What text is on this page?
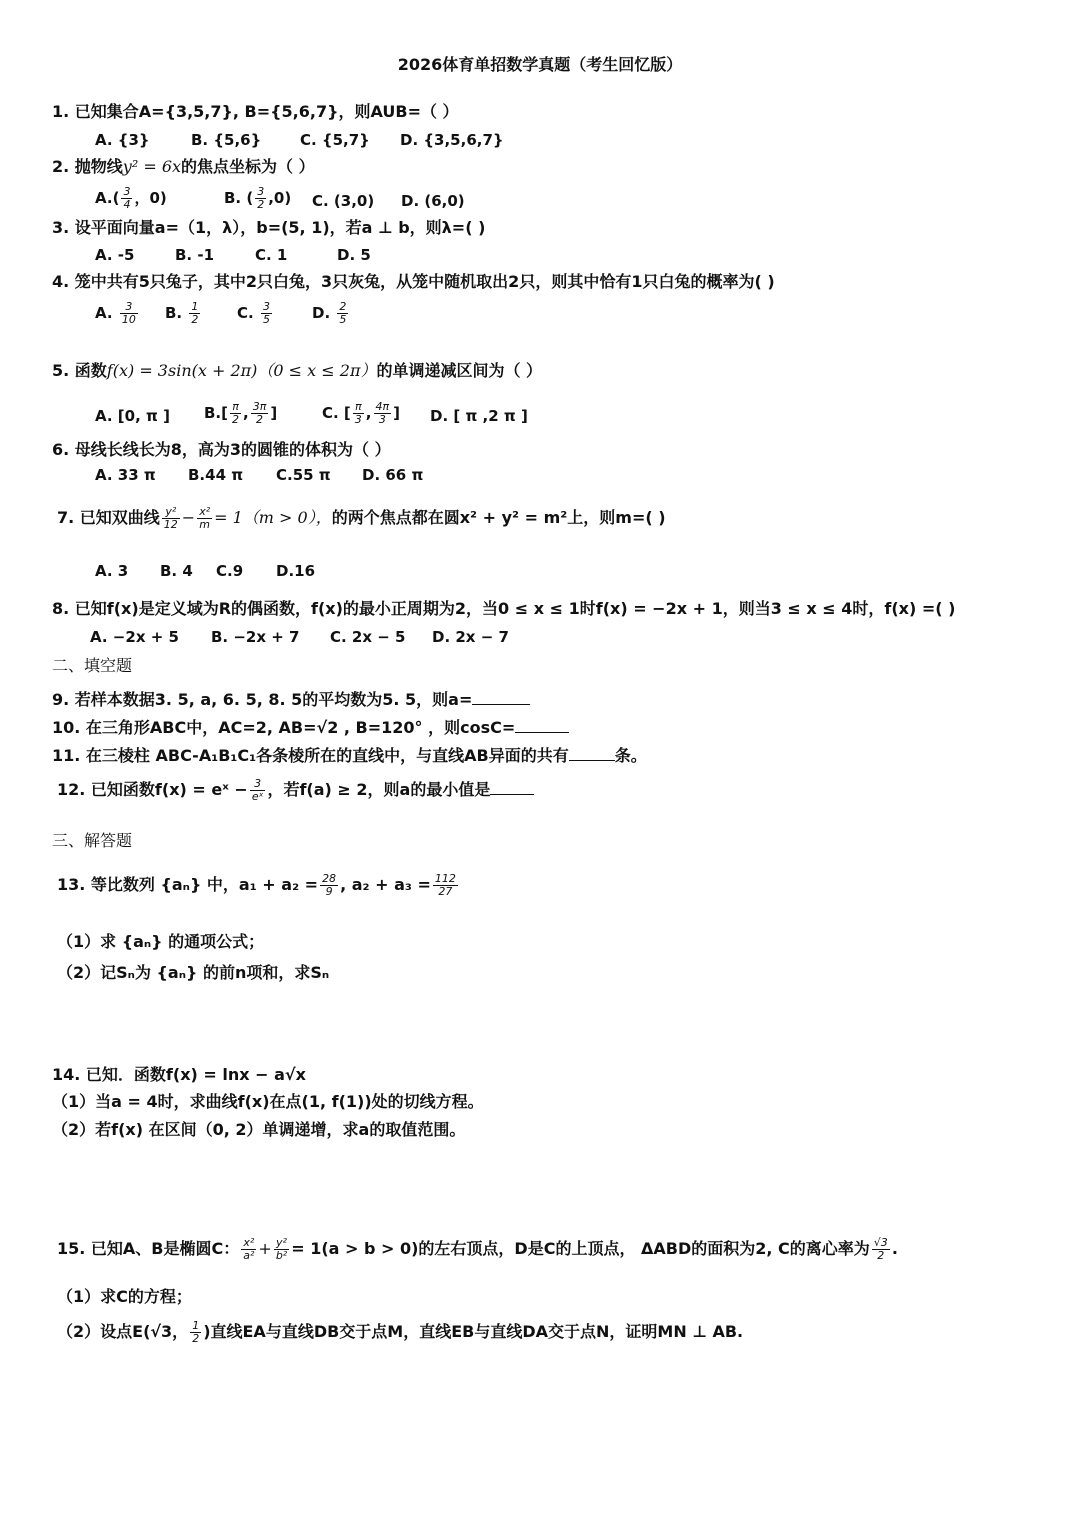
2026体育单招数学真题（考生回忆版）
1. 已知集合A={3,5,7}, B={5,6,7}，则AUB=（ ）
A. {3}	B. {5,6}	C. {5,7} D. {3,5,6,7}
2. 抛物线y² = 6x的焦点坐标为（ ）
$A.( \frac{3}{4}$ ，0)	B. ( $\frac{3}{2} ,0$) C. (3,0) D. (6,0)
3. 设平面向量a=（1，λ），b=(5, 1)，若a ⊥ b，则λ=( )
A. -5	B. -1	C. 1	D. 5
4. 笼中共有5只兔子，其中2只白兔，3只灰兔，从笼中随机取出2只，则其中恰有1只白兔的概率为( )
A. $\frac{3}{10} B$. $\frac{1}{2} C$. $\frac{3}{5}$	D. $\frac{2}{5}$
5. 函数f(x) = 3sin(x + 2π)（0 ≤ x ≤ 2π）的单调递减区间为（ ）
A. [0, π ] $B.[ \frac{\pi}{2}$ , $\frac{3\pi}{2}$ ]	C. [ $\frac{\pi}{3}$ , $\frac{4\pi}{3}$ ] D. [ π ,2 π ]
6. 母线长线长为8，高为3的圆锥的体积为（ ）
A. 33 π B.44 π C.55 π D. 66 π
7. 已知双曲线 $\frac{\text{y²}}{12} - \frac{\text{x²}}{m} = 1(m > 0)$，的两个焦点都在圆x² + y² = m²上，则m=( )
A. 3 B. 4 C.9 D.16
8. 已知f(x)是定义域为R的偶函数，f(x)的最小正周期为2，当0 ≤ x ≤ 1时f(x) = −2x + 1，则当3 ≤ x ≤ 4时，f(x) =( )
A. −2x + 5 B. −2x + 7 C. 2x − 5 D. 2x − 7
二、填空题
9. 若样本数据3. 5, a, 6. 5, 8. 5的平均数为5. 5，则a=
10. 在三角形ABC中，AC=2, AB=√2 , B=120° ，则cosC=
11. 在三棱柱 ABC-A₁B₁C₁各条棱所在的直线中，与直线AB异面的共有	条。
12. 已知函数f(x) = eˣ − $\frac{3}{\text{eˣ}}$ ，若f(a) ≥ 2，则a的最小值是
三、解答题
13. 等比数列 {aₙ} 中，$a_1 + a_2 = \frac{28}{9}$ , $a_2 + a_3 = \frac{112}{27}$
（1）求 {aₙ} 的通项公式；
（2）记Sₙ为 {aₙ} 的前n项和，求Sₙ
14. 已知．函数f(x) = lnx − a√x
（1）当a = 4时，求曲线f(x)在点(1, f(1))处的切线方程。
（2）若f(x) 在区间（0, 2）单调递增，求a的取值范围。
15. 已知A、B是椭圆C： $\frac{\text{x²}}{\text{a²}} + \frac{\text{y²}}{\text{b²}} = 1(a > b > 0)$的左右顶点，D是C的上顶点， ΔABD的面积为2, C的离心率为 $\frac{√3}{2}$ .
（1）求C的方程；
（2）设点E(√3， $\frac{1}{2}$ )直线EA与直线DB交于点M，直线EB与直线DA交于点N，证明MN ⊥ AB.
